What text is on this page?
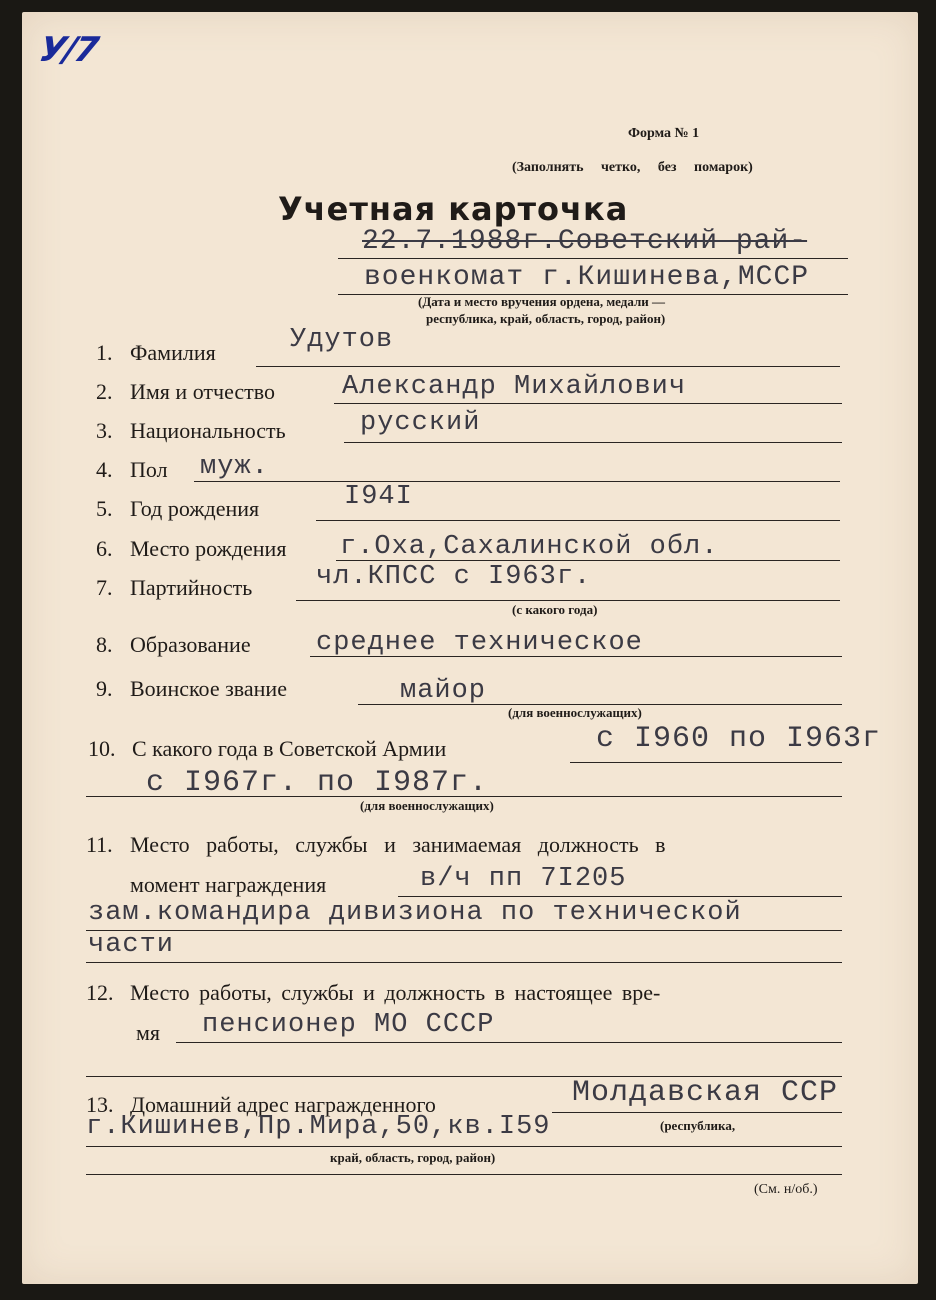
У/7
Форма № 1
(Заполнять четко, без помарок)
Учетная карточка
22.7.1988г.Советский рай-
военкомат г.Кишинева,МССР
(Дата и место вручения ордена, медали —
республика, край, область, город, район)
1. Фамилия	Удутов
2. Имя и отчество Александр Михайлович
3. Национальность	русский
4. Пол муж.
5. Год рождения	I94I
6. Место рождения г.Оха,Сахалинской обл.
7. Партийность чл.КПСС с I963г.
(с какого года)
8. Образование среднее техническое
9. Воинское звание	майор
(для военнослужащих)
10. С какого года в Советской Армии	с I960 по I963г
с I967г. по I987г.
(для военнослужащих)
11. Место работы, службы и занимаемая должность в
момент награждения	в/ч пп 7I205
зам.командира дивизиона по технической
части
12. Место работы, службы и должность в настоящее вре-
мя пенсионер МО СССР
13. Домашний адрес награжденного	Молдавская ССР
г.Кишинев,Пр.Мира,50,кв.I59	(республика,
край, область, город, район)
(См. н/об.)
